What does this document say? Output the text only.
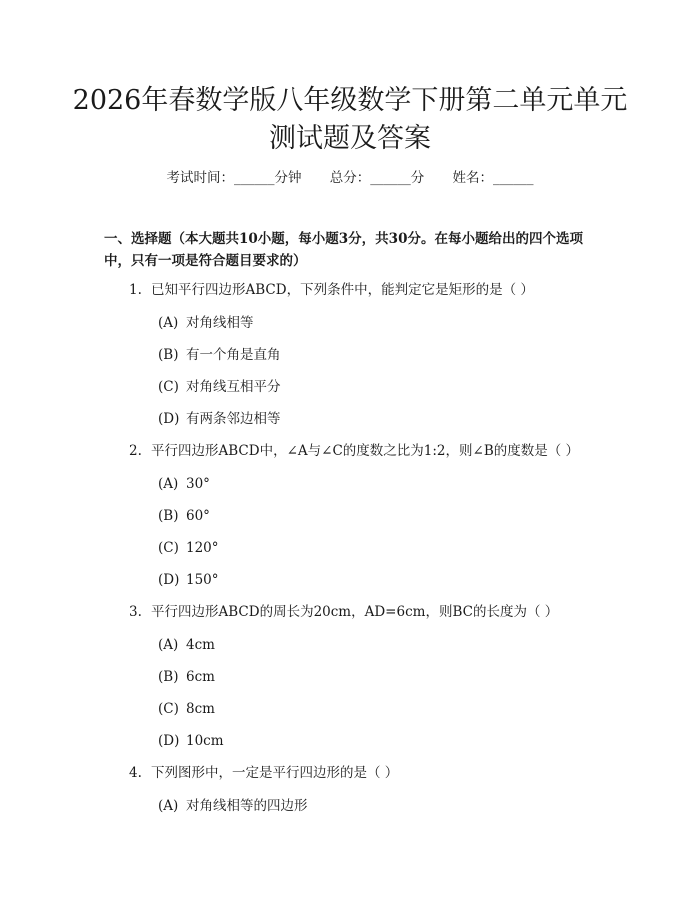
2026年春数学版八年级数学下册第二单元单元测试题及答案
考试时间：______分钟 总分：______分 姓名：______
一、选择题（本大题共10小题，每小题3分，共30分。在每小题给出的四个选项中，只有一项是符合题目要求的）
1. 已知平行四边形ABCD，下列条件中，能判定它是矩形的是（ ）
(A) 对角线相等
(B) 有一个角是直角
(C) 对角线互相平分
(D) 有两条邻边相等
2. 平行四边形ABCD中，∠A与∠C的度数之比为1:2，则∠B的度数是（ ）
(A) 30°
(B) 60°
(C) 120°
(D) 150°
3. 平行四边形ABCD的周长为20cm，AD=6cm，则BC的长度为（ ）
(A) 4cm
(B) 6cm
(C) 8cm
(D) 10cm
4. 下列图形中，一定是平行四边形的是（ ）
(A) 对角线相等的四边形
